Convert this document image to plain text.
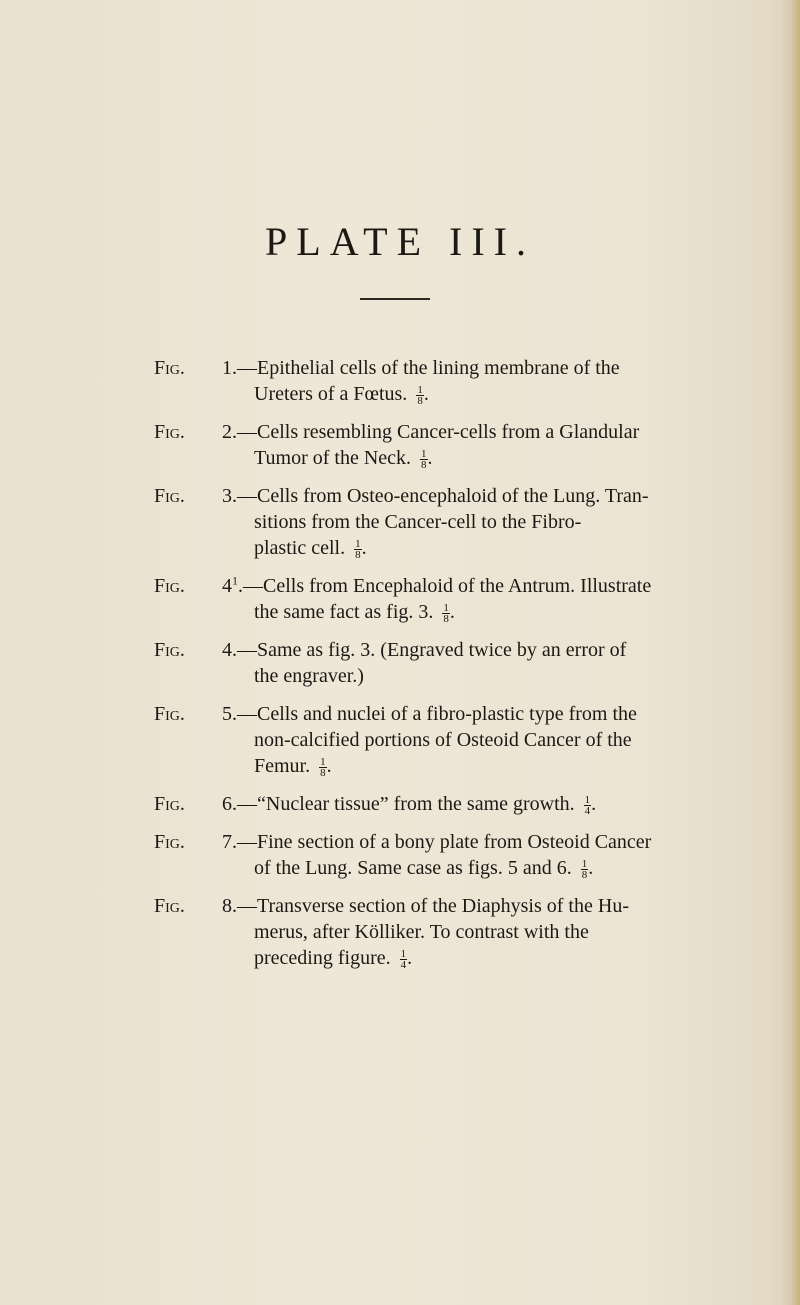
PLATE III.
Fig. 1.—Epithelial cells of the lining membrane of the
Ureters of a Fœtus. $\frac{1}{8}$ .
Fig. 2.—Cells resembling Cancer-cells from a Glandular
Tumor of the Neck. $\frac{1}{8}$ .
Fig. 3.—Cells from Osteo-encephaloid of the Lung. Tran-
sitions from the Cancer-cell to the Fibro-
plastic cell. $\frac{1}{8}$ .
Fig. $4^1.—Cells$ from Encephaloid of the Antrum. Illustrate
the same fact as fig. 3. $\frac{1}{8}$ .
Fig. 4.—Same as fig. 3. (Engraved twice by an error of
the engraver.)
Fig. 5.—Cells and nuclei of a fibro-plastic type from the
non-calcified portions of Osteoid Cancer of the
Femur. $\frac{1}{8}$ .
Fig. 6.—“Nuclear tissue” from the same growth. $\frac{1}{4}$ .
Fig. 7.—Fine section of a bony plate from Osteoid Cancer
of the Lung. Same case as figs. 5 and 6. $\frac{1}{8}$ .
Fig. 8.—Transverse section of the Diaphysis of the Hu-
merus, after Kölliker. To contrast with the
preceding figure. $\frac{1}{4}$ .
